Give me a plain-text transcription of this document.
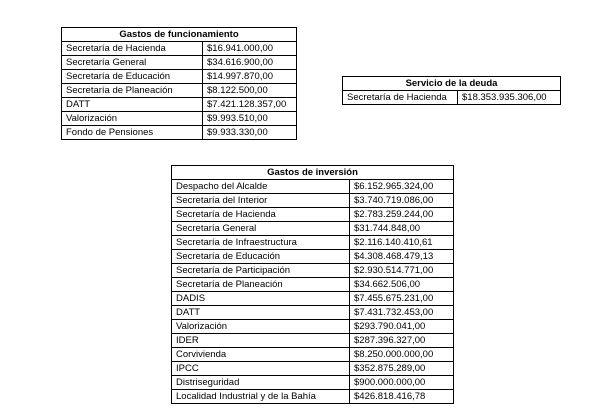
Gastos de funcionamiento	
Secretaría de Hacienda	$16.941.000,00
Secretaría General	$34.616.900,00
Secretaría de Educación	$14.997.870,00
Secretaría de Planeación	$8.122.500,00
DATT	$7.421.128.357,00
Valorización	$9.993.510,00
Fondo de Pensiones	$9.933.330,00
Servicio de la deuda
Secretaría de Hacienda	$18.353.935.306,00
Gastos de inversión	
Despacho del Alcalde	$6.152.965.324,00
Secretaría del Interior	$3.740.719.086,00
Secretaría de Hacienda	$2.783.259.244,00
Secretaría General	$31.744.848,00
Secretaría de Infraestructura	$2.116.140.410,61
Secretaría de Educación	$4.308.468.479,13
Secretaría de Participación	$2.930.514.771,00
Secretaría de Planeación	$34.662.506,00
DADIS	$7.455.675.231,00
DATT	$7.431.732.453,00
Valorización	$293.790.041,00
IDER	$287.396.327,00
Corvivienda	$8.250.000.000,00
IPCC	$352.875.289,00
Distriseguridad	$900.000.000,00
Localidad Industrial y de la Bahía	$426.818.416,78
